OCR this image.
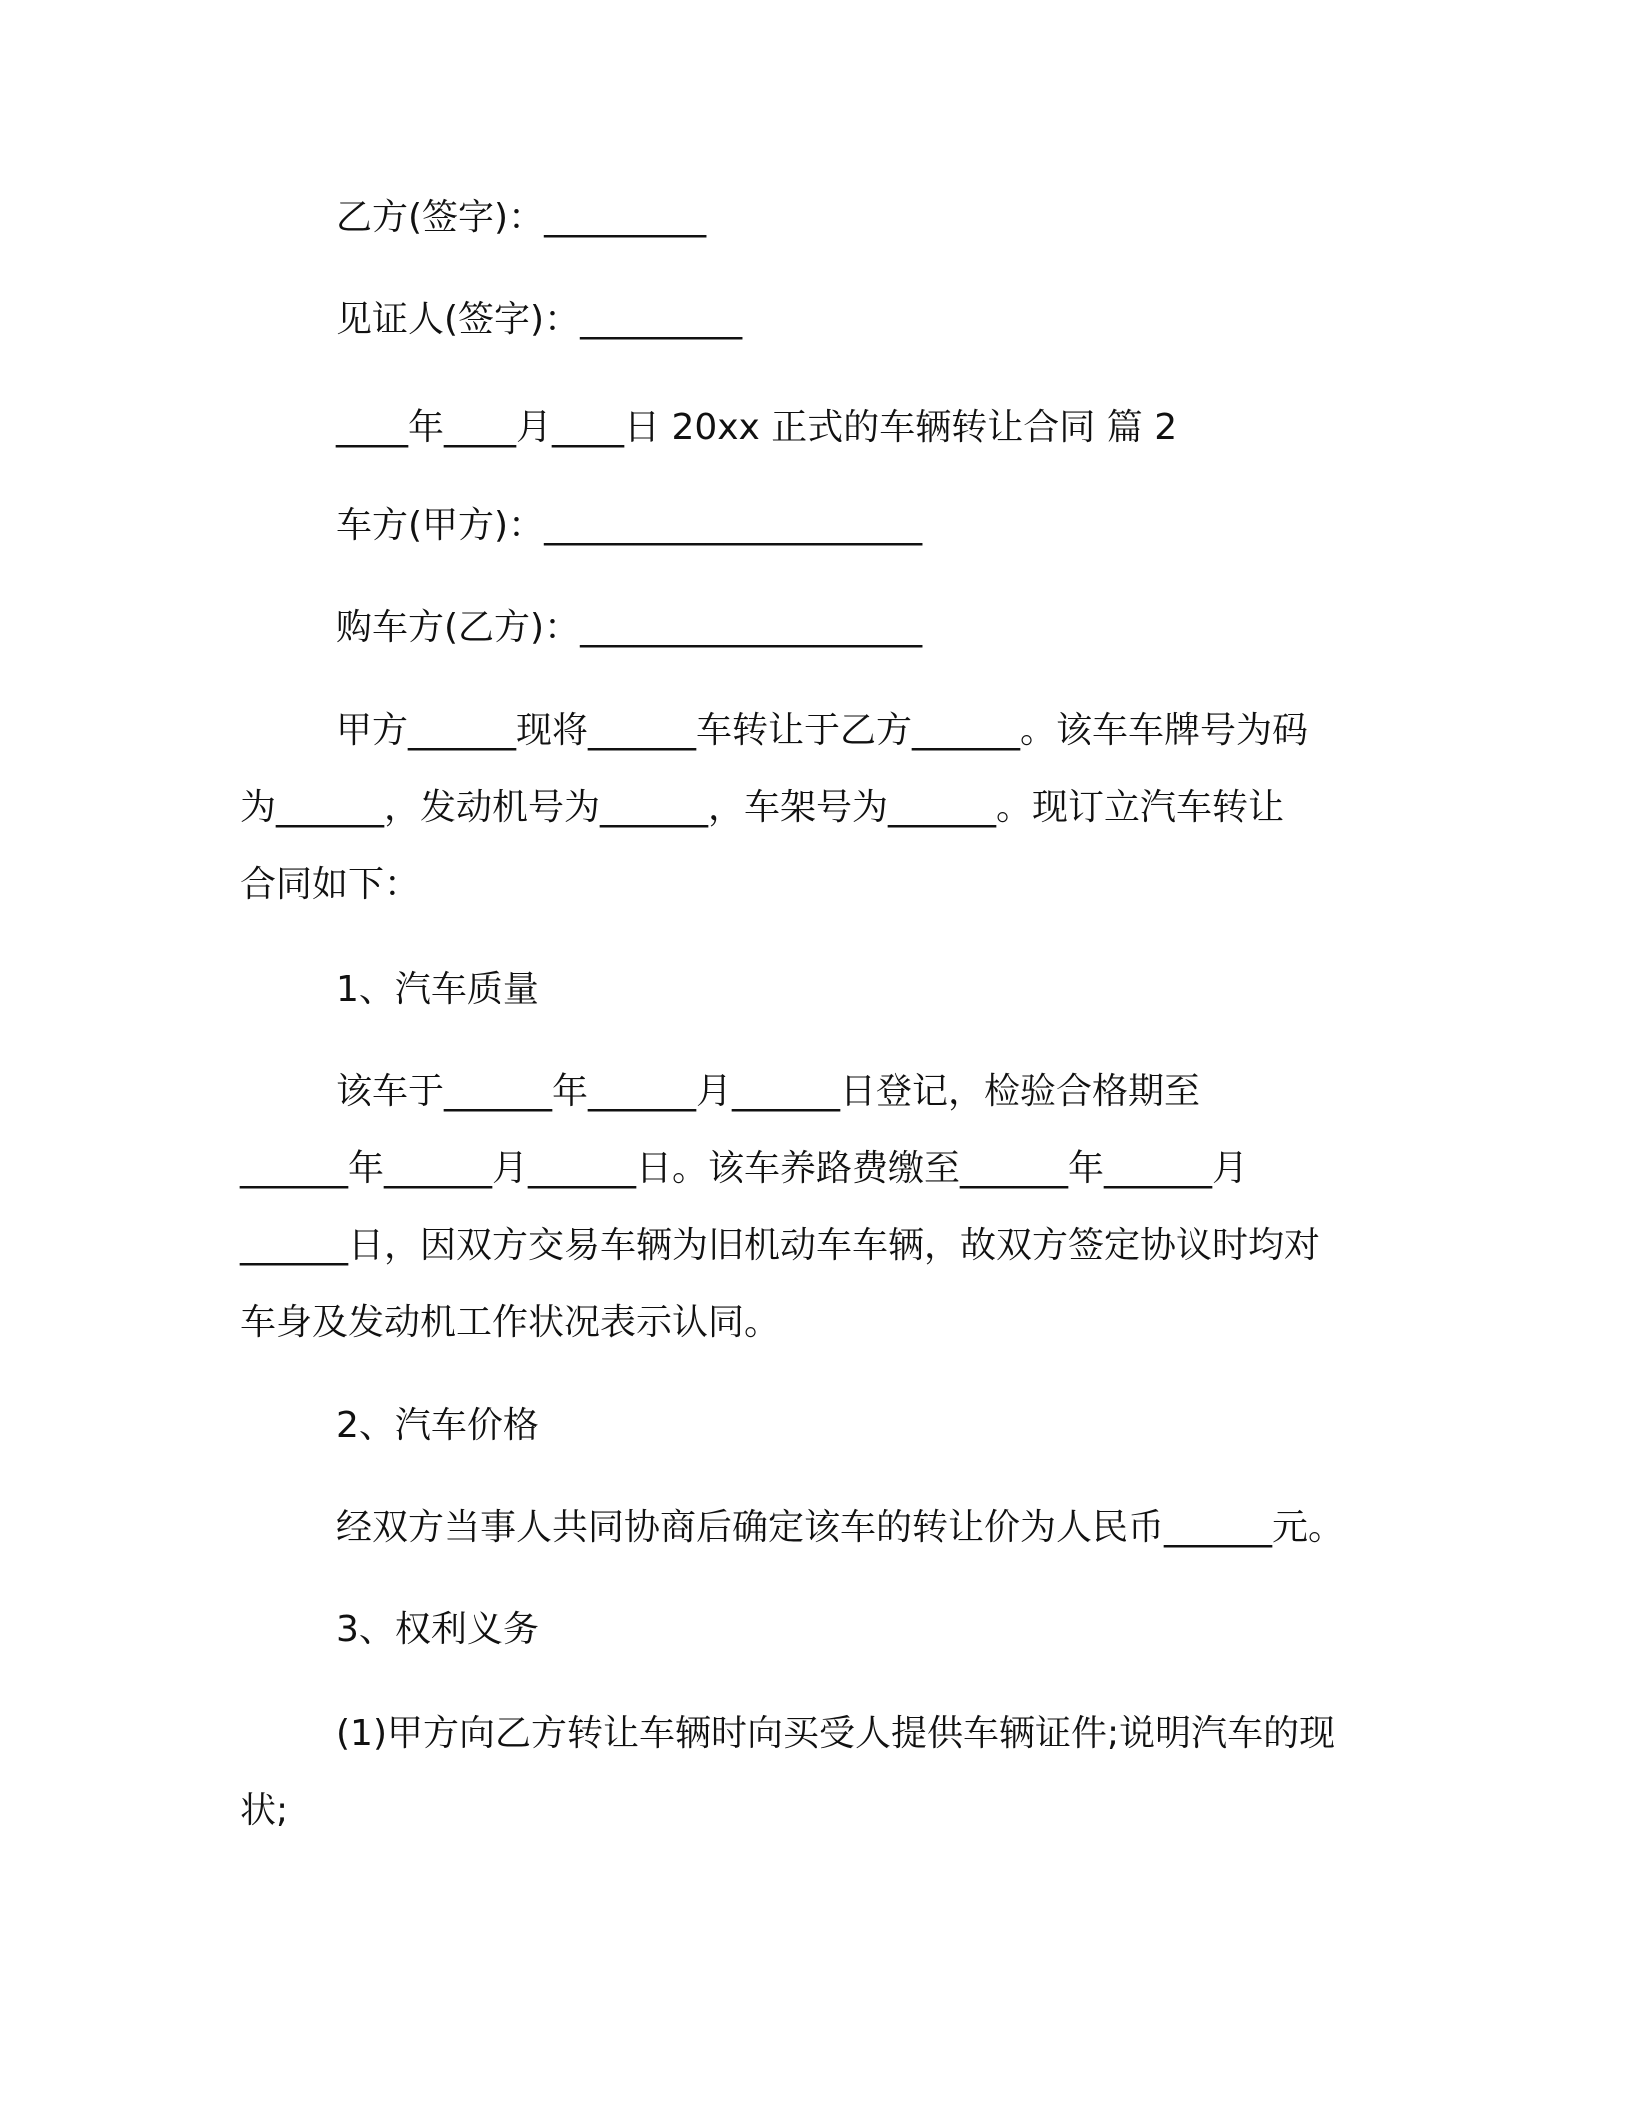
乙方(签字)：_________
见证人(签字)：_________
____年____月____日 20xx 正式的车辆转让合同 篇 2
车方(甲方)：_____________________
购车方(乙方)：___________________
甲方______现将______车转让于乙方______。该车车牌号为码
为______，发动机号为______，车架号为______。现订立汽车转让
合同如下：
1、汽车质量
该车于______年______月______日登记，检验合格期至
______年______月______日。该车养路费缴至______年______月
______日，因双方交易车辆为旧机动车车辆，故双方签定协议时均对
车身及发动机工作状况表示认同。
2、汽车价格
经双方当事人共同协商后确定该车的转让价为人民币______元。
3、权利义务
(1)甲方向乙方转让车辆时向买受人提供车辆证件;说明汽车的现
状;
